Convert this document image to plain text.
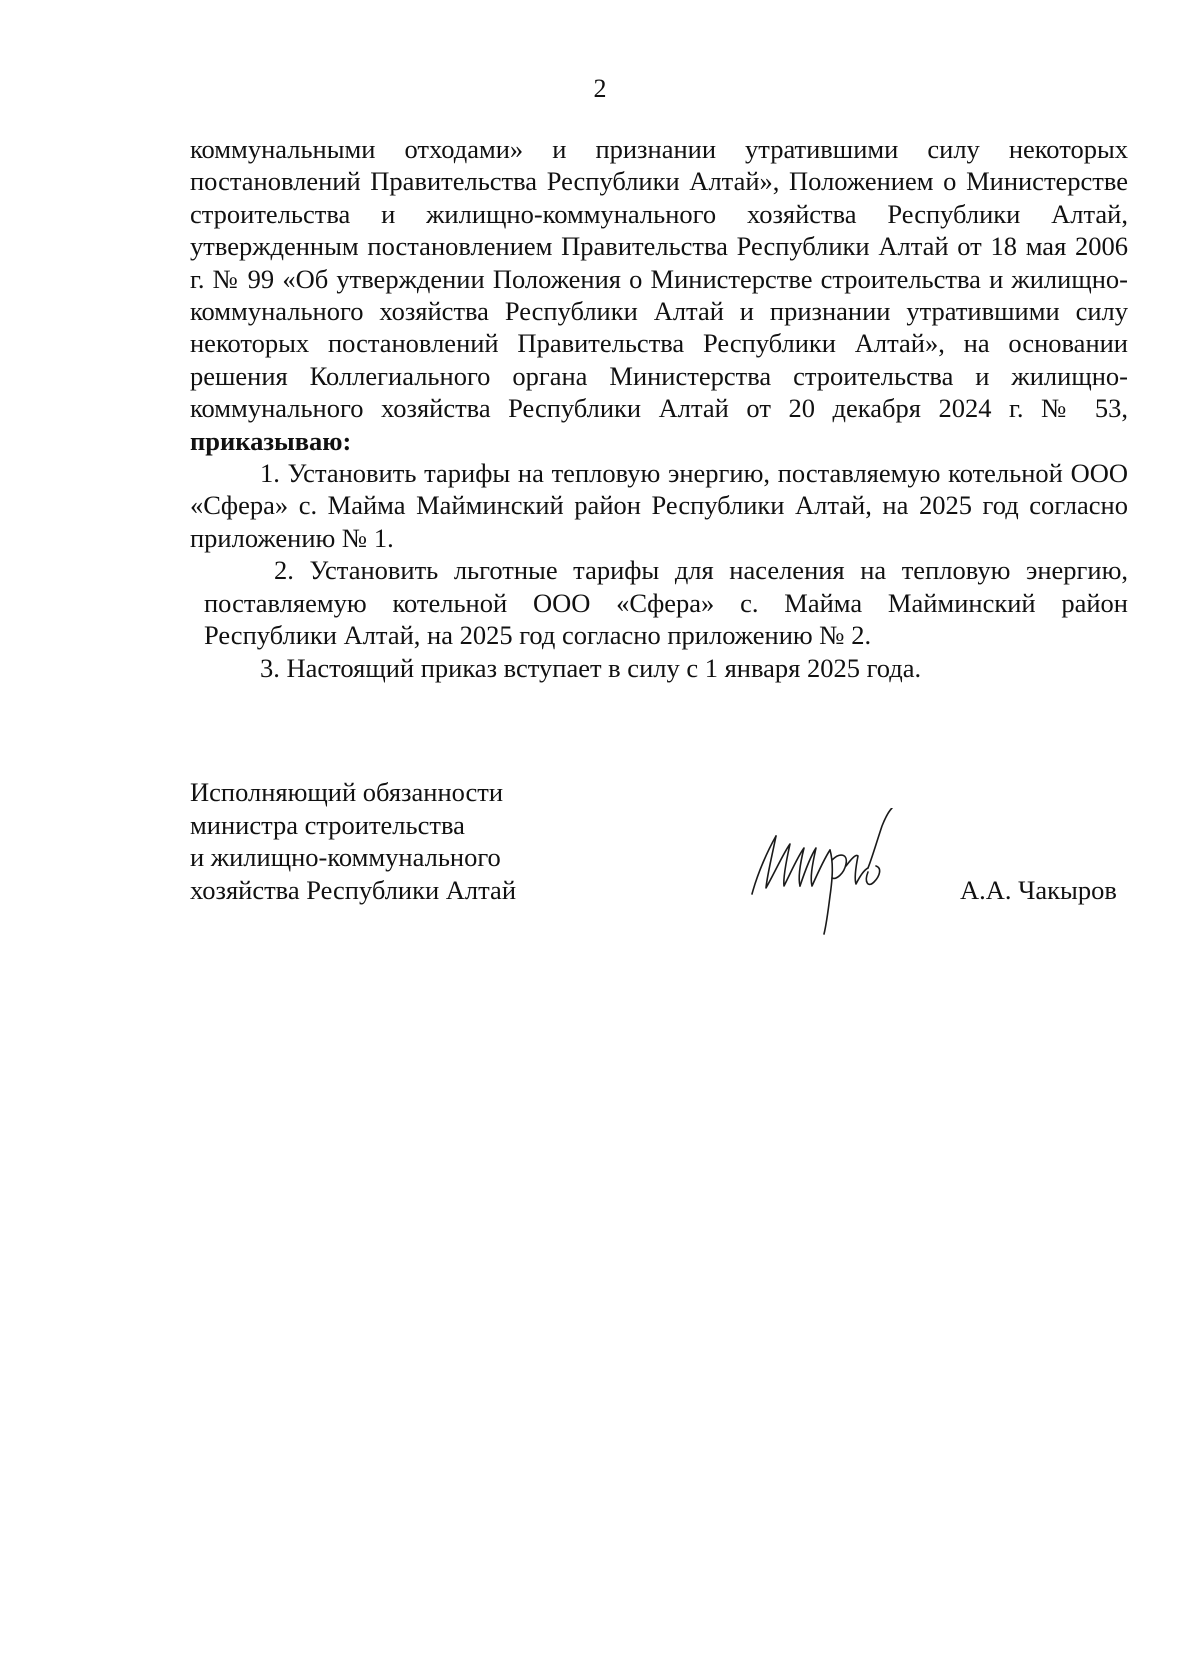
2

коммунальными отходами» и признании утратившими силу некоторых постановлений Правительства Республики Алтай», Положением о Министерстве строительства и жилищно-коммунального хозяйства Республики Алтай, утвержденным постановлением Правительства Республики Алтай от 18 мая 2006 г. № 99 «Об утверждении Положения о Министерстве строительства и жилищно-коммунального хозяйства Республики Алтай и признании утратившими силу некоторых постановлений Правительства Республики Алтай», на основании решения Коллегиального органа Министерства строительства и жилищно-коммунального хозяйства Республики Алтай от 20 декабря 2024 г. № 53, приказываю:

1. Установить тарифы на тепловую энергию, поставляемую котельной ООО «Сфера» с. Майма Майминский район Республики Алтай, на 2025 год согласно приложению № 1.

2. Установить льготные тарифы для населения на тепловую энергию, поставляемую котельной ООО «Сфера» с. Майма Майминский район Республики Алтай, на 2025 год согласно приложению № 2.

3. Настоящий приказ вступает в силу с 1 января 2025 года.

Исполняющий обязанности
министра строительства
и жилищно-коммунального
хозяйства Республики Алтай	А.А. Чакыров
